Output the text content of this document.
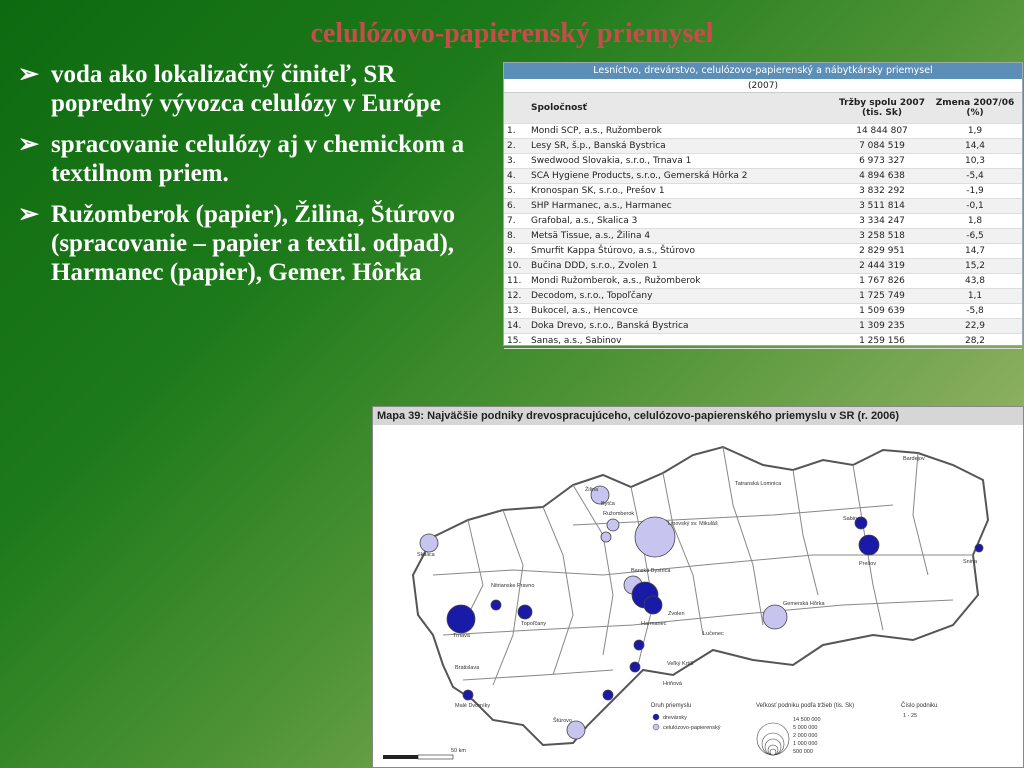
celulózovo-papierenský priemysel
➢ voda ako lokalizačný činiteľ, SR popredný vývozca celulózy v Európe
➢ spracovanie celulózy aj v chemickom a textilnom priem.
➢ Ružomberok (papier), Žilina, Štúrovo (spracovanie – papier a textil. odpad), Harmanec (papier), Gemer. Hôrka
Lesníctvo, drevárstvo, celulózovo-papierenský a nábytkársky priemysel
(2007)
	Spoločnosť	Tržby spolu 2007 (tis. Sk)	Zmena 2007/06 (%)
1.	Mondi SCP, a.s., Ružomberok	14 844 807	1,9
2.	Lesy SR, š.p., Banská Bystrica	7 084 519	14,4
3.	Swedwood Slovakia, s.r.o., Trnava 1	6 973 327	10,3
4.	SCA Hygiene Products, s.r.o., Gemerská Hôrka 2	4 894 638	-5,4
5.	Kronospan SK, s.r.o., Prešov 1	3 832 292	-1,9
6.	SHP Harmanec, a.s., Harmanec	3 511 814	-0,1
7.	Grafobal, a.s., Skalica 3	3 334 247	1,8
8.	Metsä Tissue, a.s., Žilina 4	3 258 518	-6,5
9.	Smurfit Kappa Štúrovo, a.s., Štúrovo	2 829 951	14,7
10.	Bučina DDD, s.r.o., Zvolen 1	2 444 319	15,2
11.	Mondi Ružomberok, a.s., Ružomberok	1 767 826	43,8
12.	Decodom, s.r.o., Topoľčany	1 725 749	1,1
13.	Bukocel, a.s., Hencovce	1 509 639	-5,8
14.	Doka Drevo, s.r.o., Banská Bystrica	1 309 235	22,9
15.	Sanas, a.s., Sabinov	1 259 156	28,2
Mapa 39: Najväčšie podniky drevospracujúceho, celulózovo-papierenského priemyslu v SR (r. 2006)
Skalica
Trnava
Bratislava
Malé Dvorníky
Štúrovo
Žilina
Ružomberok
Lipovský sv. Mikuláš
Banská Bystrica
Harmanec
Zvolen
Hriňová
Topoľčany
Bytča
Nitrianske Pravno
Lučenec
Veľký Krtíš
Tatranská Lomnica
Gemerská Hôrka
Sabinov
Prešov	Snina
Bardejov
Druh priemyslu
drevársky
celulózovo-papierenský
Veľkosť podniku podľa tržieb (tis. Sk)
14 500 000
5 000 000
2 000 000
1 000 000
500 000
Číslo podniku
1 - 25
50 km
